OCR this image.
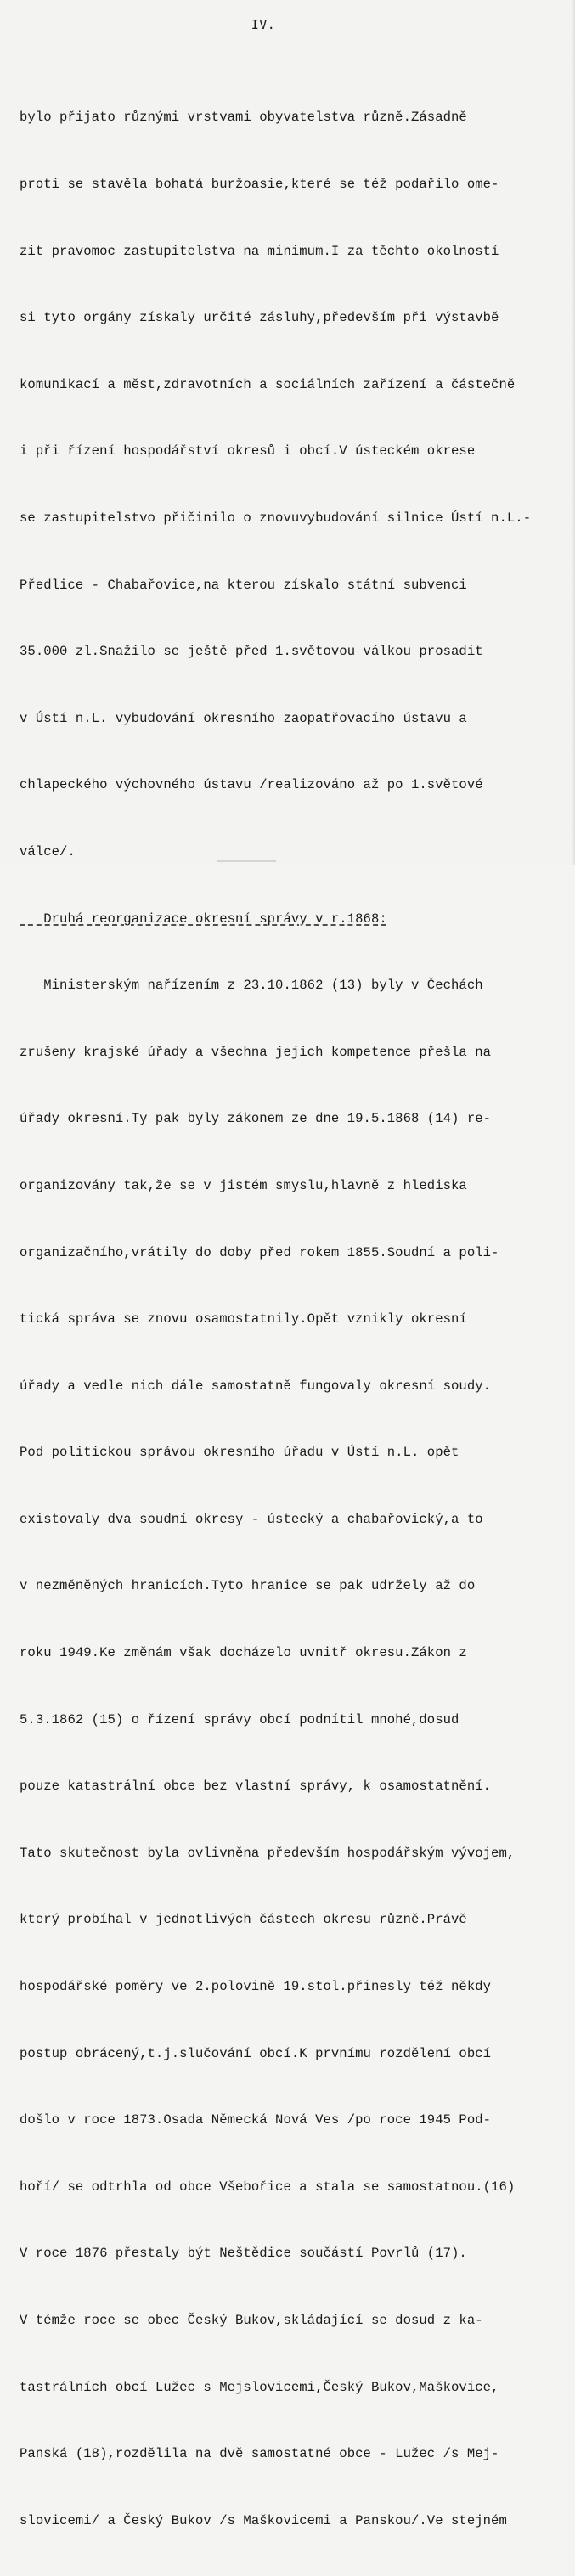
IV.

bylo přijato různými vrstvami obyvatelstva různě.Zásadně

proti se stavěla bohatá buržoasie,které se též podařilo ome-

zit pravomoc zastupitelstva na minimum.I za těchto okolností

si tyto orgány získaly určité zásluhy,především při výstavbě

komunikací a měst,zdravotních a sociálních zařízení a částečně

i při řízení hospodářství okresů i obcí.V ústeckém okrese

se zastupitelstvo přičinilo o znovuvybudování silnice Ústí n.L.-

Předlice - Chabařovice,na kterou získalo státní subvenci

35.000 zl.Snažilo se ještě před 1.světovou válkou prosadit

v Ústí n.L. vybudování okresního zaopatřovacího ústavu a

chlapeckého výchovného ústavu /realizováno až po 1.světové

válce/.

Druhá reorganizace okresní správy v r.1868:

Ministerským nařízením z 23.10.1862 (13) byly v Čechách

zrušeny krajské úřady a všechna jejich kompetence přešla na

úřady okresní.Ty pak byly zákonem ze dne 19.5.1868 (14) re-

organizovány tak,že se v jistém smyslu,hlavně z hlediska

organizačního,vrátily do doby před rokem 1855.Soudní a poli-

tická správa se znovu osamostatnily.Opět vznikly okresní

úřady a vedle nich dále samostatně fungovaly okresní soudy.

Pod politickou správou okresního úřadu v Ústí n.L. opět

existovaly dva soudní okresy - ústecký a chabařovický,a to

v nezměněných hranicích.Tyto hranice se pak udržely až do

roku 1949.Ke změnám však docházelo uvnitř okresu.Zákon z

5.3.1862 (15) o řízení správy obcí podnítil mnohé,dosud

pouze katastrální obce bez vlastní správy, k osamostatnění.

Tato skutečnost byla ovlivněna především hospodářským vývojem,

který probíhal v jednotlivých částech okresu různě.Právě

hospodářské poměry ve 2.polovině 19.stol.přinesly též někdy

postup obrácený,t.j.slučování obcí.K prvnímu rozdělení obcí

došlo v roce 1873.Osada Německá Nová Ves /po roce 1945 Pod-

hoří/ se odtrhla od obce Všebořice a stala se samostatnou.(16)

V roce 1876 přestaly být Neštědice součástí Povrlů (17).

V témže roce se obec Český Bukov,skládající se dosud z ka-

tastrálních obcí Lužec s Mejslovicemi,Český Bukov,Maškovice,

Panská (18),rozdělila na dvě samostatné obce - Lužec /s Mej-

slovicemi/ a Český Bukov /s Maškovicemi a Panskou/.Ve stejném
